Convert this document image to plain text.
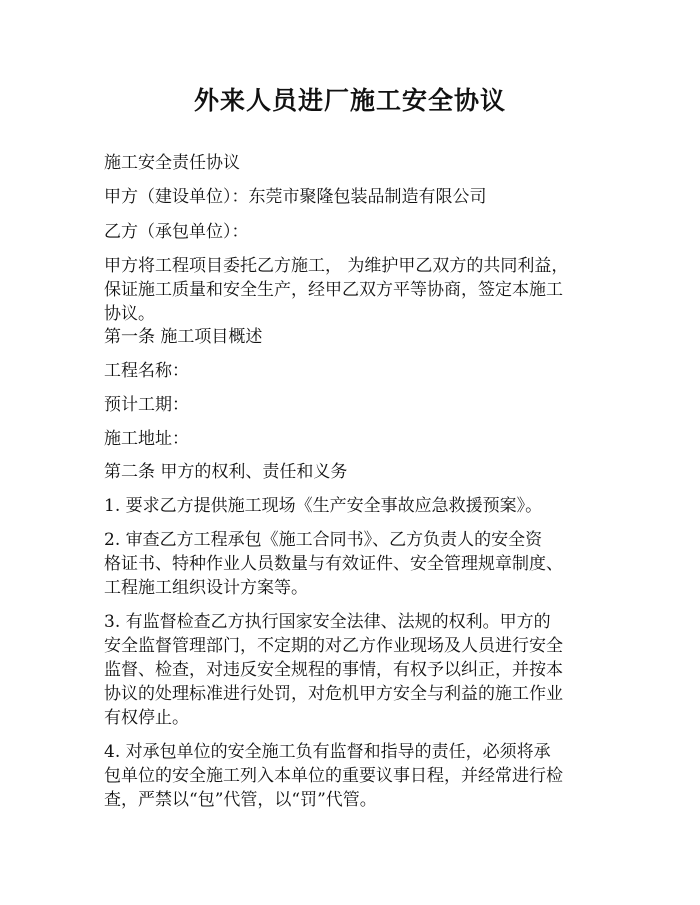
外来人员进厂施工安全协议
施工安全责任协议
甲方（建设单位）：东莞市聚隆包装品制造有限公司
乙方（承包单位）：
甲方将工程项目委托乙方施工， 为维护甲乙双方的共同利益，
保证施工质量和安全生产，经甲乙双方平等协商，签定本施工
协议。
第一条 施工项目概述
工程名称：
预计工期：
施工地址：
第二条 甲方的权利、责任和义务
1. 要求乙方提供施工现场《生产安全事故应急救援预案》。
2. 审查乙方工程承包《施工合同书》、乙方负责人的安全资
格证书、特种作业人员数量与有效证件、安全管理规章制度、
工程施工组织设计方案等。
3. 有监督检查乙方执行国家安全法律、法规的权利。甲方的
安全监督管理部门，不定期的对乙方作业现场及人员进行安全
监督、检查，对违反安全规程的事情，有权予以纠正，并按本
协议的处理标准进行处罚，对危机甲方安全与利益的施工作业
有权停止。
4. 对承包单位的安全施工负有监督和指导的责任，必须将承
包单位的安全施工列入本单位的重要议事日程，并经常进行检
查，严禁以“包”代管，以“罚”代管。
